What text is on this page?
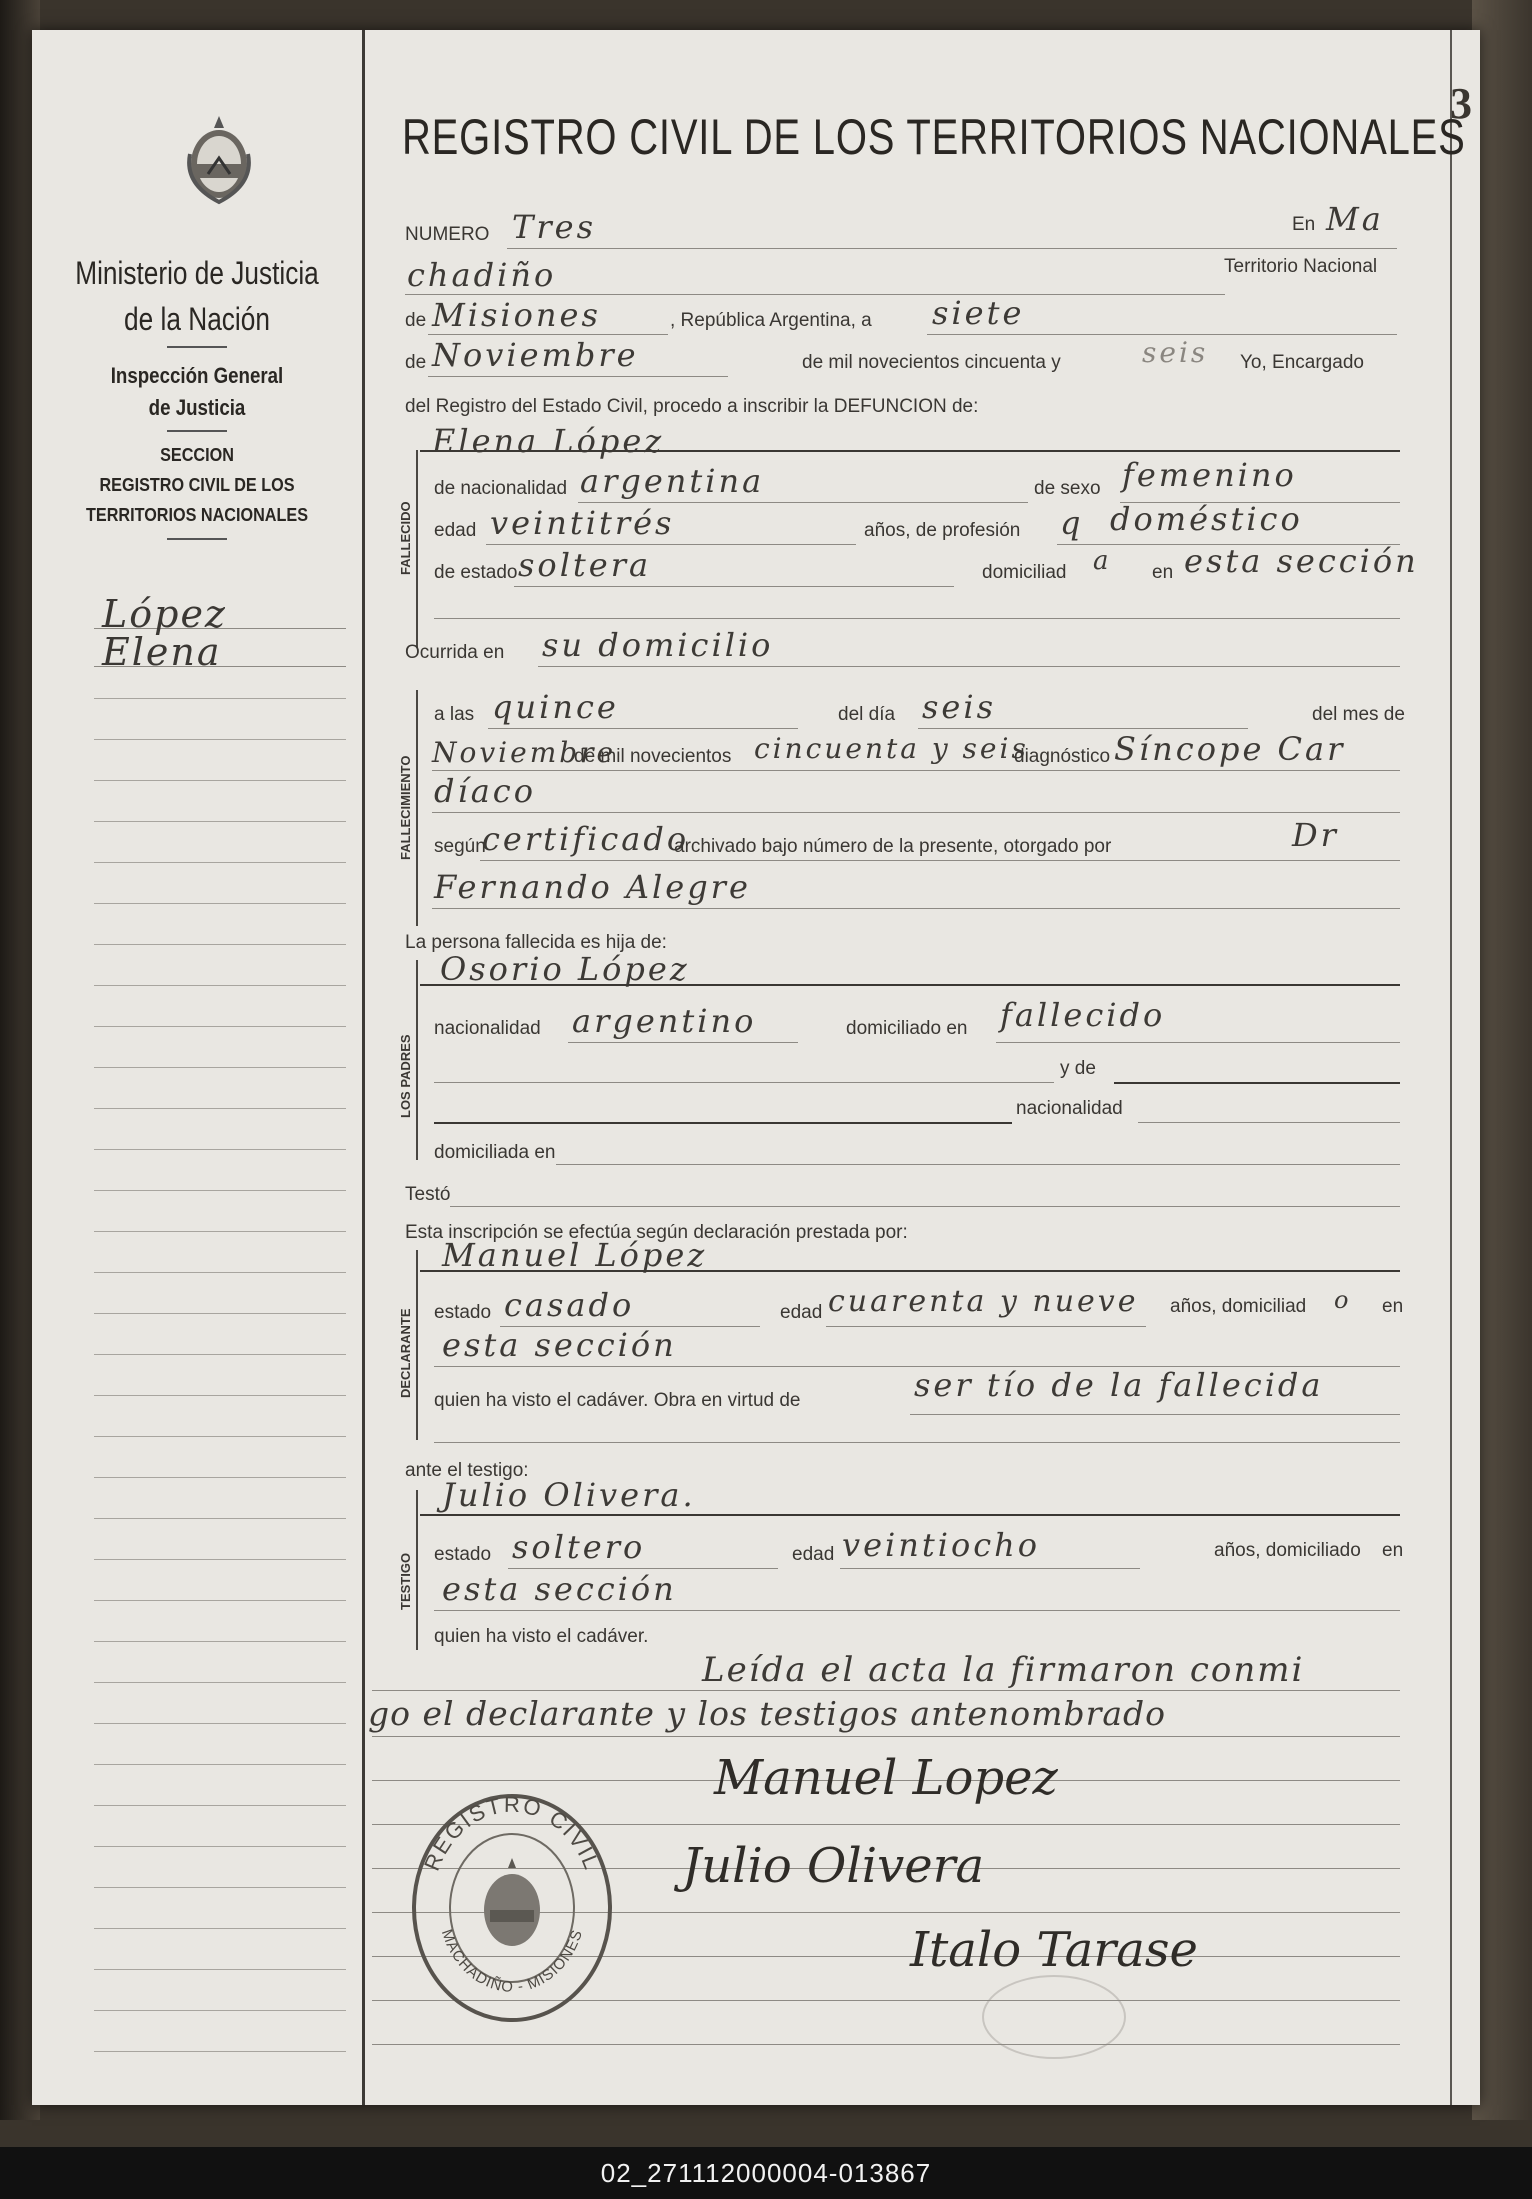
Ministerio de Justicia
de la Nación
Inspección General
de Justicia
SECCION
REGISTRO CIVIL DE LOS
TERRITORIOS NACIONALES
López
Elena
3
REGISTRO CIVIL DE LOS TERRITORIOS NACIONALES
NUMERO Tres	En Ma
chadiño	Territorio Nacional
de Misiones	, República Argentina, a siete
de Noviembre	de mil novecientos cincuenta y	seis Yo, Encargado
del Registro del Estado Civil, procedo a inscribir la DEFUNCION de:
FALLECIDO
Elena López
de nacionalidad argentina	de sexo femenino
edad veintitrés	años, de profesión q doméstico
de estado soltera	domiciliad a en esta sección
Ocurrida en su domicilio
FALLECIMIENTO
a las quince	del día seis	del mes de
Noviembre
de mil novecientos cincuenta y seis
diagnóstico Síncope Car
díaco
según
certificado
archivado bajo número de la presente, otorgado por	Dr
Fernando Alegre
La persona fallecida es hija de:
LOS PADRES
Osorio López
nacionalidad argentino	domiciliado en fallecido
y de
nacionalidad
domiciliada en
Testó
Esta inscripción se efectúa según declaración prestada por:
DECLARANTE
Manuel López
estado casado	edad cuarenta y nueve años, domiciliad o en
esta sección
quien ha visto el cadáver. Obra en virtud de	ser tío de la fallecida
ante el testigo:
TESTIGO
Julio Olivera.
estado soltero	edad veintiocho	años, domiciliado en
esta sección
quien ha visto el cadáver.
Leída el acta la firmaron conmi
go el declarante y los testigos antenombrado
Manuel Lopez
Julio Olivera
Italo Tarase
REGISTRO CIVIL
MACHADIÑO - MISIONES
02_271112000004-013867
